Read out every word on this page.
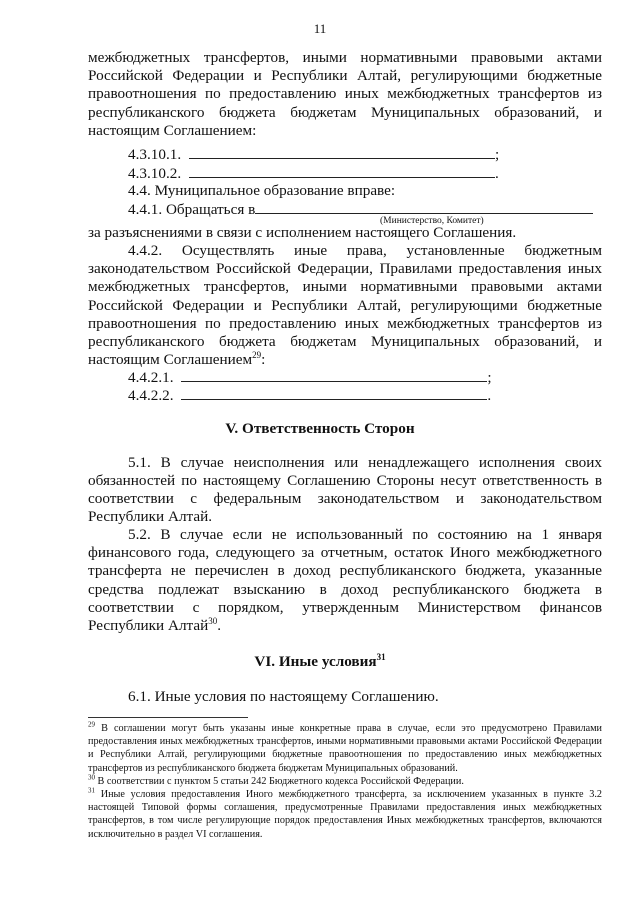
11
межбюджетных трансфертов, иными нормативными правовыми актами
Российской Федерации и Республики Алтай, регулирующими бюджетные
правоотношения по предоставлению иных межбюджетных трансфертов из
республиканского бюджета бюджетам Муниципальных образований, и
настоящим Соглашением:
4.3.10.1.	;
4.3.10.2.	.
4.4. Муниципальное образование вправе:
4.4.1. Обращаться в
(Министерство, Комитет)
за разъяснениями в связи с исполнением настоящего Соглашения.
4.4.2. Осуществлять иные права, установленные бюджетным
законодательством Российской Федерации, Правилами предоставления иных
межбюджетных трансфертов, иными нормативными правовыми актами
Российской Федерации и Республики Алтай, регулирующими бюджетные
правоотношения по предоставлению иных межбюджетных трансфертов из
республиканского бюджета бюджетам Муниципальных образований, и
настоящим Соглашением$^{29}$:
4.4.2.1.	;
4.4.2.2.	.
V. Ответственность Сторон
5.1. В случае неисполнения или ненадлежащего исполнения своих
обязанностей по настоящему Соглашению Стороны несут ответственность в
соответствии с федеральным законодательством и законодательством
Республики Алтай.
5.2. В случае если не использованный по состоянию на 1 января
финансового года, следующего за отчетным, остаток Иного межбюджетного
трансферта не перечислен в доход республиканского бюджета, указанные
средства подлежат взысканию в доход республиканского бюджета в
соответствии с порядком, утвержденным Министерством финансов
Республики Алтай$^{30}$.
VI. Иные условия$^{31}$
6.1. Иные условия по настоящему Соглашению.
$^{29}$ В соглашении могут быть указаны иные конкретные права в случае, если это предусмотрено Правилами предоставления иных межбюджетных трансфертов, иными нормативными правовыми актами Российской Федерации и Республики Алтай, регулирующими бюджетные правоотношения по предоставлению иных межбюджетных трансфертов из республиканского бюджета бюджетам Муниципальных образований.
$^{30}$ В соответствии с пунктом 5 статьи 242 Бюджетного кодекса Российской Федерации.
$^{31}$ Иные условия предоставления Иного межбюджетного трансферта, за исключением указанных в пункте 3.2 настоящей Типовой формы соглашения, предусмотренные Правилами предоставления иных межбюджетных трансфертов, в том числе регулирующие порядок предоставления Иных межбюджетных трансфертов, включаются исключительно в раздел VI соглашения.
